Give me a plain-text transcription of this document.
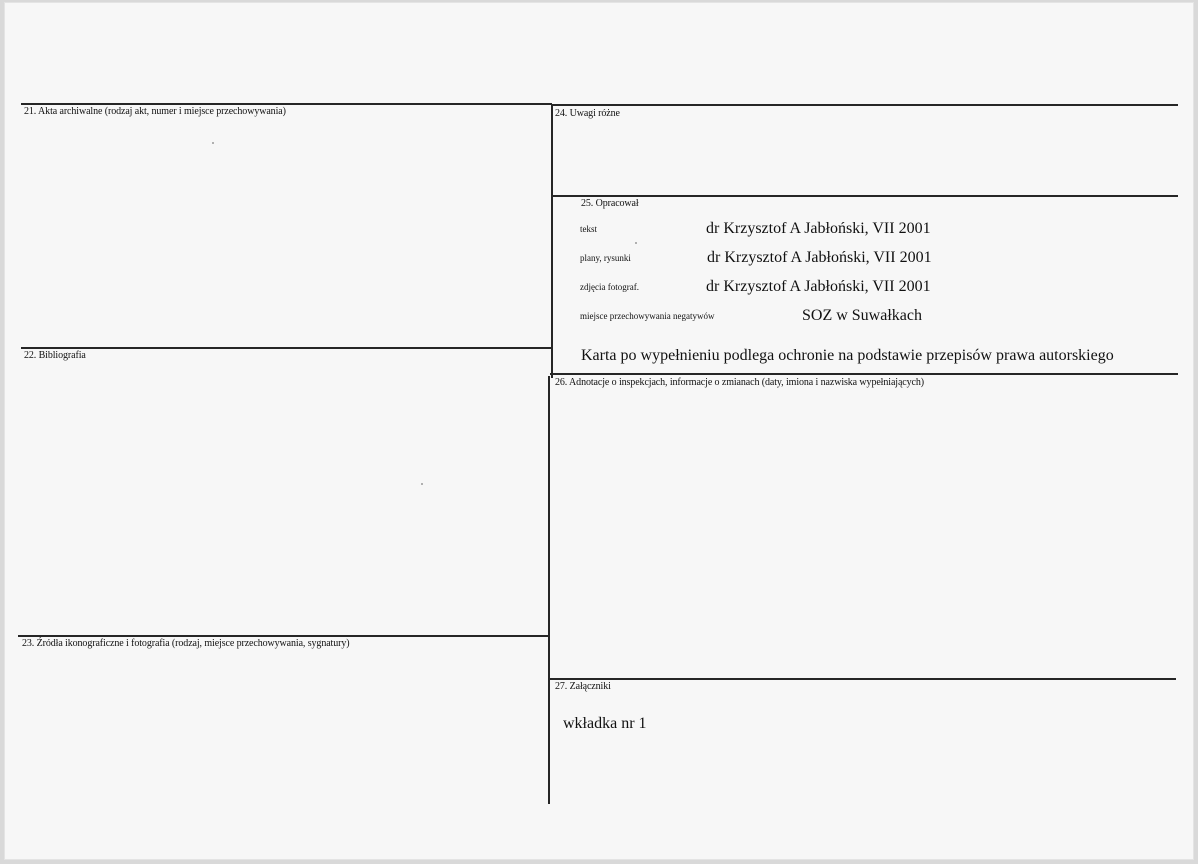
21. Akta archiwalne (rodzaj akt, numer i miejsce przechowywania)
22. Bibliografia
23. Źródła ikonograficzne i fotografia (rodzaj, miejsce przechowywania, sygnatury)
24. Uwagi różne
25. Opracował
tekst	dr Krzysztof A Jabłoński, VII 2001
plany, rysunki	dr Krzysztof A Jabłoński, VII 2001
zdjęcia fotograf.	dr Krzysztof A Jabłoński, VII 2001
miejsce przechowywania negatywów	SOZ w Suwałkach
Karta po wypełnieniu podlega ochronie na podstawie przepisów prawa autorskiego
26. Adnotacje o inspekcjach, informacje o zmianach (daty, imiona i nazwiska wypełniających)
27. Załączniki
wkładka nr 1
